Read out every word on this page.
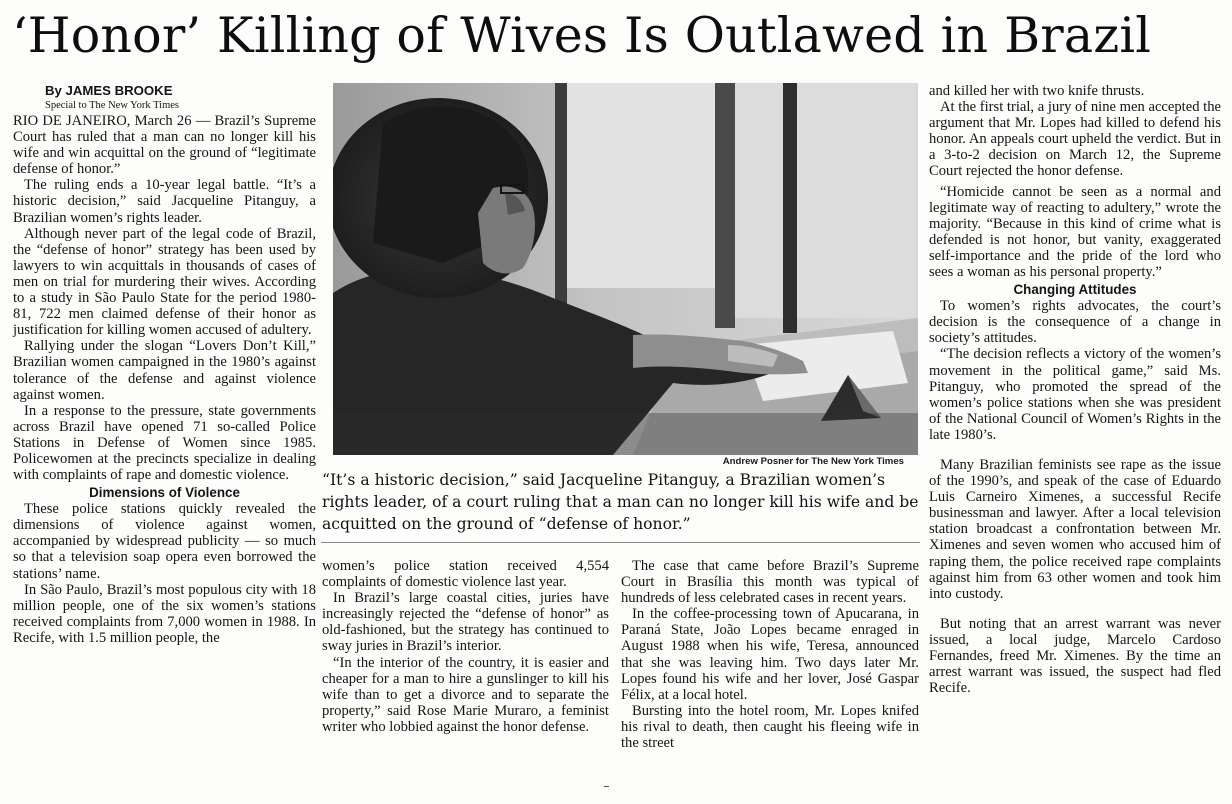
‘Honor’ Killing of Wives Is Outlawed in Brazil
By JAMES BROOKE
Special to The New York Times

RIO DE JANEIRO, March 26 — Brazil’s Supreme Court has ruled that a man can no longer kill his wife and win acquittal on the ground of “legitimate defense of honor.”

The ruling ends a 10-year legal battle. “It’s a historic decision,” said Jacqueline Pitanguy, a Brazilian women’s rights leader.

Although never part of the legal code of Brazil, the “defense of honor” strategy has been used by lawyers to win acquittals in thousands of cases of men on trial for murdering their wives. According to a study in São Paulo State for the period 1980-81, 722 men claimed defense of their honor as justification for killing women accused of adultery.

Rallying under the slogan “Lovers Don’t Kill,” Brazilian women campaigned in the 1980’s against tolerance of the defense and against violence against women.

In a response to the pressure, state governments across Brazil have opened 71 so-called Police Stations in Defense of Women since 1985. Policewomen at the precincts specialize in dealing with complaints of rape and domestic violence.

Dimensions of Violence

These police stations quickly revealed the dimensions of violence against women, accompanied by widespread publicity — so much so that a television soap opera even borrowed the stations’ name.

In São Paulo, Brazil’s most populous city with 18 million people, one of the six women’s stations received complaints from 7,000 women in 1988. In Recife, with 1.5 million people, the

Andrew Posner for The New York Times
“It’s a historic decision,” said Jacqueline Pitanguy, a Brazilian women’s rights leader, of a court ruling that a man can no longer kill his wife and be acquitted on the ground of “defense of honor.”

women’s police station received 4,554 complaints of domestic violence last year.

In Brazil’s large coastal cities, juries have increasingly rejected the “defense of honor” as old-fashioned, but the strategy has continued to sway juries in Brazil’s interior.

“In the interior of the country, it is easier and cheaper for a man to hire a gunslinger to kill his wife than to get a divorce and to separate the property,” said Rose Marie Muraro, a feminist writer who lobbied against the honor defense.

The case that came before Brazil’s Supreme Court in Brasília this month was typical of hundreds of less celebrated cases in recent years.

In the coffee-processing town of Apucarana, in Paraná State, João Lopes became enraged in August 1988 when his wife, Teresa, announced that she was leaving him. Two days later Mr. Lopes found his wife and her lover, José Gaspar Félix, at a local hotel.

Bursting into the hotel room, Mr. Lopes knifed his rival to death, then caught his fleeing wife in the street

and killed her with two knife thrusts.

At the first trial, a jury of nine men accepted the argument that Mr. Lopes had killed to defend his honor. An appeals court upheld the verdict. But in a 3-to-2 decision on March 12, the Supreme Court rejected the honor defense.

“Homicide cannot be seen as a normal and legitimate way of reacting to adultery,” wrote the majority. “Because in this kind of crime what is defended is not honor, but vanity, exaggerated self-importance and the pride of the lord who sees a woman as his personal property.”

Changing Attitudes

To women’s rights advocates, the court’s decision is the consequence of a change in society’s attitudes.

“The decision reflects a victory of the women’s movement in the political game,” said Ms. Pitanguy, who promoted the spread of the women’s police stations when she was president of the National Council of Women’s Rights in the late 1980’s.

Many Brazilian feminists see rape as the issue of the 1990’s, and speak of the case of Eduardo Luis Carneiro Ximenes, a successful Recife businessman and lawyer. After a local television station broadcast a confrontation between Mr. Ximenes and seven women who accused him of raping them, the police received rape complaints against him from 63 other women and took him into custody.

But noting that an arrest warrant was never issued, a local judge, Marcelo Cardoso Fernandes, freed Mr. Ximenes. By the time an arrest warrant was issued, the suspect had fled Recife.
